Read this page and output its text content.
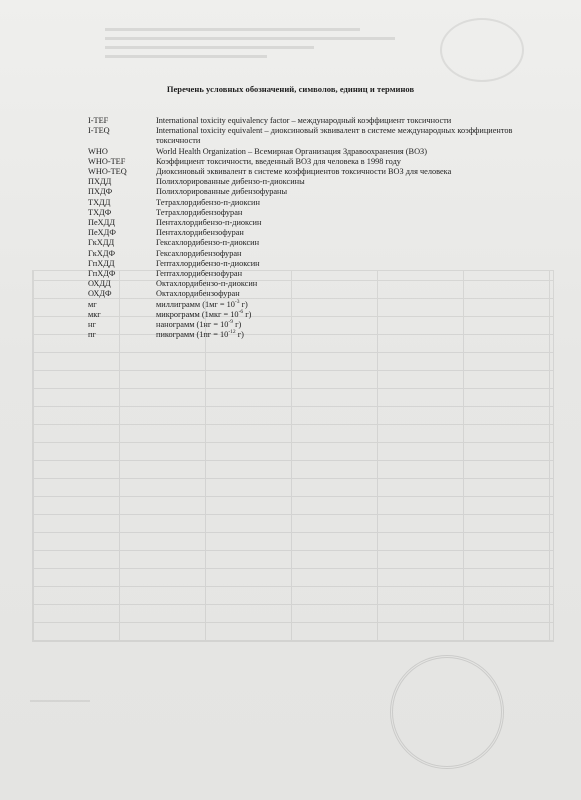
Перечень условных обозначений, символов, единиц и терминов
I-TEF	International toxicity equivalency factor – международный коэффициент токсичности
I-TEQ	International toxicity equivalent – диоксиновый эквивалент в системе международных коэффициентов токсичности
WHO	World Health Organization – Всемирная Организация Здравоохранения (ВОЗ)
WHO-TEF	Коэффициент токсичности, введенный ВОЗ для человека в 1998 году
WHO-TEQ	Диоксиновый эквивалент в системе коэффициентов токсичности ВОЗ для человека
ПХДД	Полихлорированные дибензо-п-диоксины
ПХДФ	Полихлорированные дибензофураны
ТХДД	Тетрахлордибензо-п-диоксин
ТХДФ	Тетрахлордибензофуран
ПеХДД	Пентахлордибензо-п-диоксин
ПеХДФ	Пентахлордибензофуран
ГкХДД	Гексахлордибензо-п-диоксин
ГкХДФ	Гексахлордибензофуран
ГпХДД	Гептахлордибензо-п-диоксин
ГпХДФ	Гептахлордибензофуран
ОХДД	Октахлордибензо-п-диоксин
ОХДФ	Октахлордибензофуран
мг	миллиграмм ($1мг = 10^{-3}$ г)
мкг	микрограмм ($1мкг = 10^{-6}$ г)
нг	нанограмм ($1нг = 10^{-9}$ г)
пг	пикограмм ($1пг = 10^{-12}$ г)
